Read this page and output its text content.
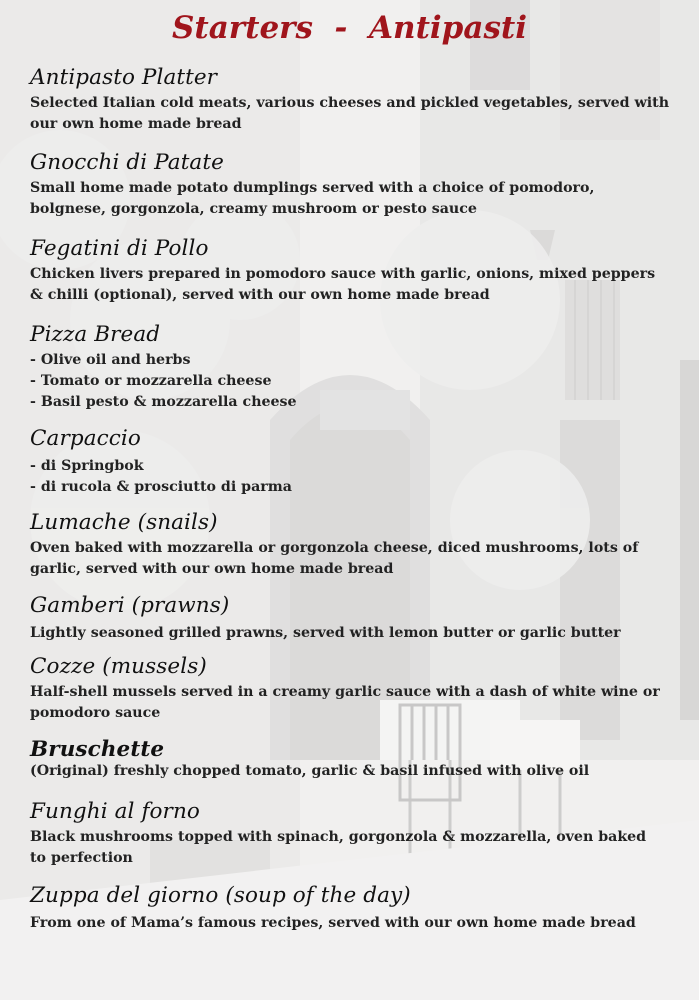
Starters  -  Antipasti
Antipasto Platter
Selected Italian cold meats, various cheeses and pickled vegetables, served with
our own home made bread
Gnocchi di Patate
Small home made potato dumplings served with a choice of pomodoro,
bolgnese, gorgonzola, creamy mushroom or pesto sauce
Fegatini di Pollo
Chicken livers prepared in pomodoro sauce with garlic, onions, mixed peppers
& chilli (optional), served with our own home made bread
Pizza Bread
- Olive oil and herbs
- Tomato or mozzarella cheese
- Basil pesto & mozzarella cheese
Carpaccio
- di Springbok
- di rucola & prosciutto di parma
Lumache (snails)
Oven baked with mozzarella or gorgonzola cheese, diced mushrooms, lots of
garlic, served with our own home made bread
Gamberi (prawns)
Lightly seasoned grilled prawns, served with lemon butter or garlic butter
Cozze (mussels)
Half-shell mussels served in a creamy garlic sauce with a dash of white wine or
pomodoro sauce
Bruschette
(Original) freshly chopped tomato, garlic & basil infused with olive oil
Funghi al forno
Black mushrooms topped with spinach, gorgonzola & mozzarella, oven baked
to perfection
Zuppa del giorno (soup of the day)
From one of Mama’s famous recipes, served with our own home made bread
